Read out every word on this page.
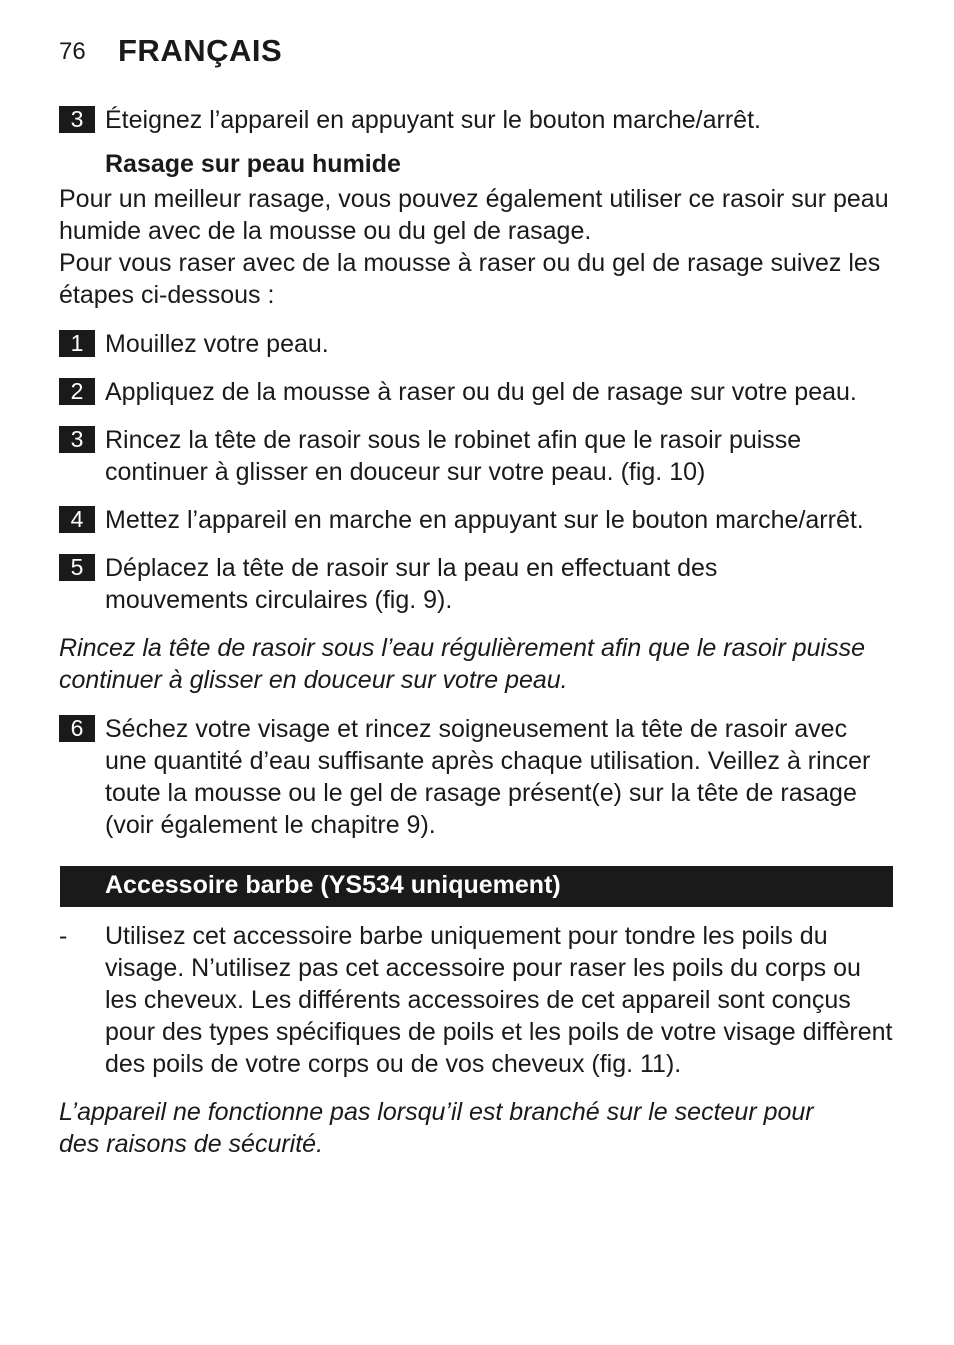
76 FRANÇAIS
3 Éteignez l’appareil en appuyant sur le bouton marche/arrêt.
Rasage sur peau humide
Pour un meilleur rasage, vous pouvez également utiliser ce rasoir sur peau humide avec de la mousse ou du gel de rasage.
Pour vous raser avec de la mousse à raser ou du gel de rasage suivez les étapes ci-dessous :
1 Mouillez votre peau.
2 Appliquez de la mousse à raser ou du gel de rasage sur votre peau.
3 Rincez la tête de rasoir sous le robinet afin que le rasoir puisse continuer à glisser en douceur sur votre peau. (fig. 10)
4 Mettez l’appareil en marche en appuyant sur le bouton marche/arrêt.
5 Déplacez la tête de rasoir sur la peau en effectuant des mouvements circulaires (fig. 9).
Rincez la tête de rasoir sous l’eau régulièrement afin que le rasoir puisse continuer à glisser en douceur sur votre peau.
6 Séchez votre visage et rincez soigneusement la tête de rasoir avec une quantité d’eau suffisante après chaque utilisation. Veillez à rincer toute la mousse ou le gel de rasage présent(e) sur la tête de rasage (voir également le chapitre 9).
Accessoire barbe (YS534 uniquement)
- Utilisez cet accessoire barbe uniquement pour tondre les poils du visage. N’utilisez pas cet accessoire pour raser les poils du corps ou les cheveux. Les différents accessoires de cet appareil sont conçus pour des types spécifiques de poils et les poils de votre visage diffèrent des poils de votre corps ou de vos cheveux (fig. 11).
L’appareil ne fonctionne pas lorsqu’il est branché sur le secteur pour des raisons de sécurité.
